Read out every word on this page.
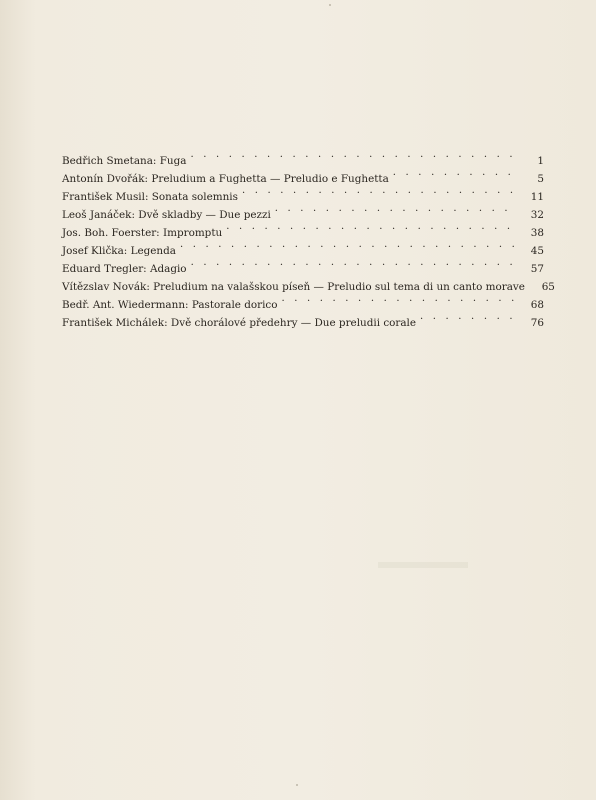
Bedřich Smetana: Fuga . . .	1
Antonín Dvořák: Preludium a Fughetta — Preludio e Fughetta . . .	5
František Musil: Sonata solemnis . . .	11
Leoš Janáček: Dvě skladby — Due pezzi . . .	32
Jos. Boh. Foerster: Impromptu . . .	38
Josef Klička: Legenda . . .	45
Eduard Tregler: Adagio . . .	57
Vítězslav Novák: Preludium na valašskou píseň — Preludio sul tema di un canto morave	65
Bedř. Ant. Wiedermann: Pastorale dorico . . .	68
František Michálek: Dvě chorálové předehry — Due preludii corale . . .	76
